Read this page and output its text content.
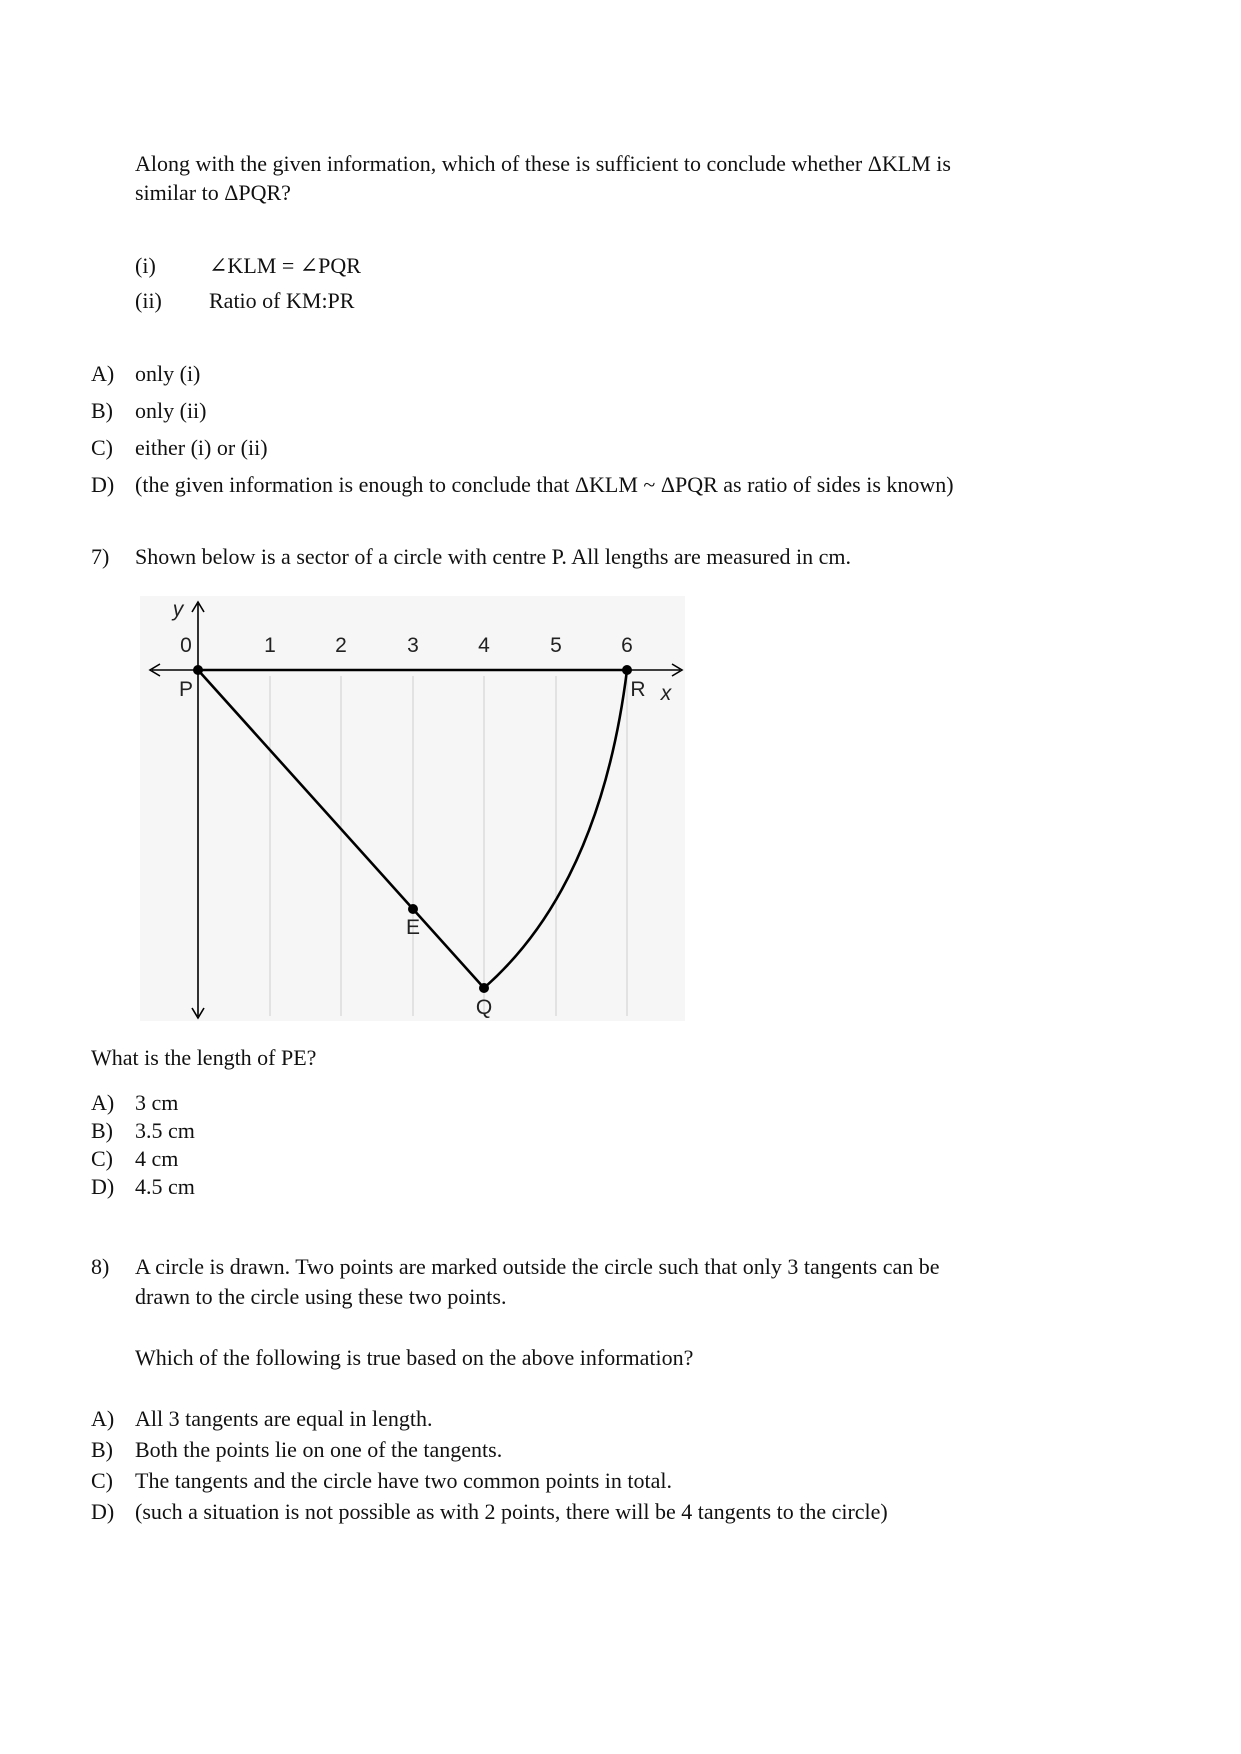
Along with the given information, which of these is sufficient to conclude whether ΔKLM is
similar to ΔPQR?
(i) ∠KLM = ∠PQR
(ii) Ratio of KM:PR
A) only (i)
B) only (ii)
C) either (i) or (ii)
D) (the given information is enough to conclude that ΔKLM ~ ΔPQR as ratio of sides is known)
7) Shown below is a sector of a circle with centre P. All lengths are measured in cm.
y
x
0	1	2	3	4	5	6
P	R
E
Q
What is the length of PE?
A) 3 cm
B) 3.5 cm
C) 4 cm
D) 4.5 cm
8) A circle is drawn. Two points are marked outside the circle such that only 3 tangents can be
drawn to the circle using these two points.
Which of the following is true based on the above information?
A) All 3 tangents are equal in length.
B) Both the points lie on one of the tangents.
C) The tangents and the circle have two common points in total.
D) (such a situation is not possible as with 2 points, there will be 4 tangents to the circle)
